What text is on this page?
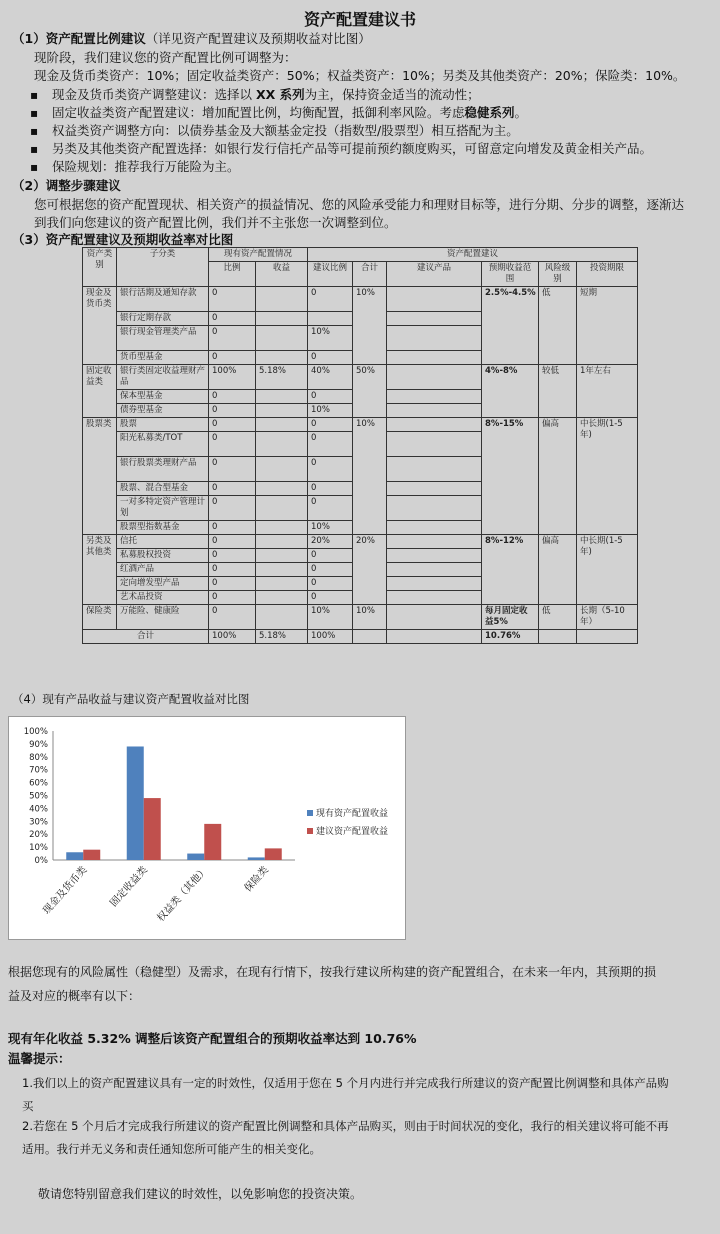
资产配置建议书
（1）资产配置比例建议（详见资产配置建议及预期收益对比图）
现阶段，我们建议您的资产配置比例可调整为：
现金及货币类资产：10%；固定收益类资产：50%；权益类资产：10%；另类及其他类资产：20%；保险类：10%。
▪ 现金及货币类资产调整建议：选择以 XX 系列为主，保持资金适当的流动性；
▪ 固定收益类资产配置建议：增加配置比例，均衡配置，抵御利率风险。考虑稳健系列。
▪ 权益类资产调整方向：以债券基金及大额基金定投（指数型/股票型）相互搭配为主。
▪ 另类及其他类资产配置选择：如银行发行信托产品等可提前预约额度购买，可留意定向增发及黄金相关产品。
▪ 保险规划：推荐我行万能险为主。
（2）调整步骤建议
您可根据您的资产配置现状、相关资产的损益情况、您的风险承受能力和理财目标等，进行分期、分步的调整，逐渐达
到我们向您建议的资产配置比例，我们并不主张您一次调整到位。
（3）资产配置建议及预期收益率对比图
资产类别	子分类	现有资产配置情况		资产配置建议					
		比例	收益	建议比例	合计	建议产品	预期收益范围	风险级别	投资期限
现金及货币类	银行活期及通知存款	0		0	10%		2.5%-4.5%	低	短期
	银行定期存款	0							
	银行现金管理类产品	0		10%					
	货币型基金	0		0					
固定收益类	银行类固定收益理财产品	100%	5.18%	40%	50%		4%-8%	较低	1年左右
	保本型基金	0		0					
	债券型基金	0		10%					
股票类	股票	0		0	10%		8%-15%	偏高	中长期(1-5年)
	阳光私募类/TOT	0		0					
	银行股票类理财产品	0		0					
	股票、混合型基金	0		0					
	一对多特定资产管理计划	0		0					
	股票型指数基金	0		10%					
另类及其他类	信托	0		20%	20%		8%-12%	偏高	中长期(1-5年)
	私募股权投资	0		0					
	红酒产品	0		0					
	定向增发型产品	0		0					
	艺术品投资	0		0					
保险类	万能险、健康险	0		10%	10%		每月固定收益5%	低	长期（5-10年）
合计		100%	5.18%	100%			10.76%		
（4）现有产品收益与建议资产配置收益对比图
0%
10%
20%
30%
40%
50%
60%
70%
80%
90%
100%
现金及货币类 固定收益类 权益类（其他）	保险类
现有资产配置收益
建议资产配置收益
根据您现有的风险属性（稳健型）及需求，在现有行情下，按我行建议所构建的资产配置组合，在未来一年内，其预期的损
益及对应的概率有以下：
现有年化收益 5.32% 调整后该资产配置组合的预期收益率达到 10.76%
温馨提示：
1.我们以上的资产配置建议具有一定的时效性，仅适用于您在 5 个月内进行并完成我行所建议的资产配置比例调整和具体产品购
买
2.若您在 5 个月后才完成我行所建议的资产配置比例调整和具体产品购买，则由于时间状况的变化，我行的相关建议将可能不再
适用。我行并无义务和责任通知您所可能产生的相关变化。
敬请您特别留意我们建议的时效性，以免影响您的投资决策。
